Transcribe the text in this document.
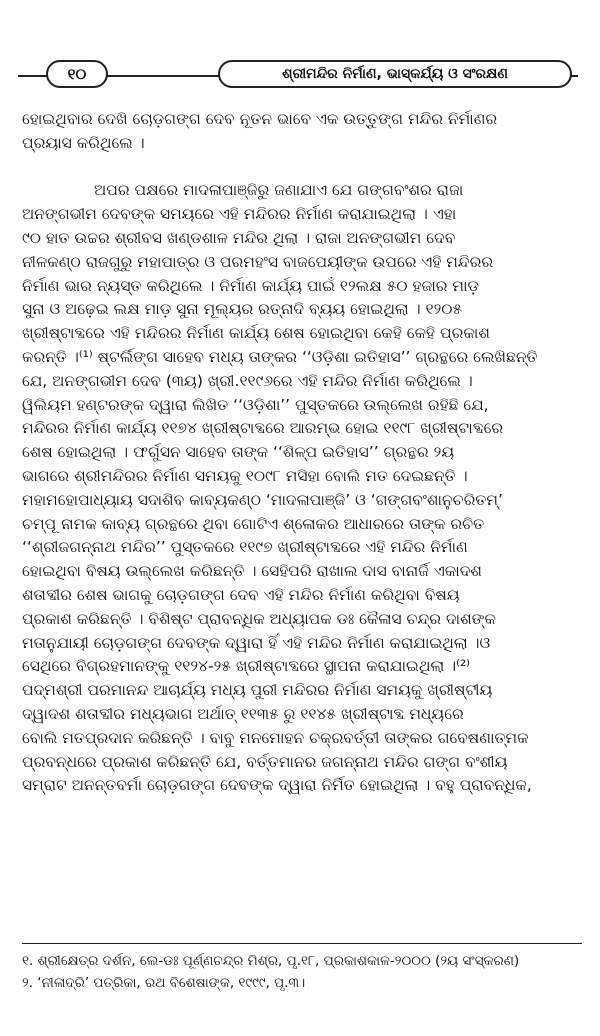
୧୦	ଶ୍ରୀମନ୍ଦିର ନିର୍ମାଣ, ଭାସ୍କର୍ଯ୍ୟ ଓ ସଂରକ୍ଷଣ
ହୋଇଥିବାର ଦେଖି ଚୋଡ଼ଗଙ୍ଗ ଦେବ ନୂତନ ଭାବେ ଏକ ଉତ୍ତୁଙ୍ଗ ମନ୍ଦିର ନିର୍ମାଣର
ପ୍ରୟାସ କରିଥିଲେ ।
ଅପର ପକ୍ଷରେ ମାଦଳାପାଞ୍ଜିରୁ ଜଣାଯାଏ ଯେ ଗଙ୍ଗବଂଶର ରାଜା
ଅନଙ୍ଗଭୀମ ଦେବଙ୍କ ସମୟରେ ଏହି ମନ୍ଦିରର ନିର୍ମାଣ କରାଯାଇଥିଲା । ଏହା
୯୦ ହାତ ଉଚ୍ଚର ଶ୍ରୀବସ ଖଣ୍ଡଶାଳ ମନ୍ଦିର ଥିଲା । ରାଜା ଅନଙ୍ଗଭୀମ ଦେବ
ନୀଳକଣ୍ଠ ରାଜଗୁରୁ ମହାପାତ୍ର ଓ ପରମହଂସ ବାଜପେୟୀଙ୍କ ଉପରେ ଏହି ମନ୍ଦିରର
ନିର୍ମାଣ ଭାର ନ୍ୟସ୍ତ କରିଥିଲେ । ନିର୍ମାଣ କାର୍ଯ୍ୟ ପାଇଁ ୧୨ଲକ୍ଷ ୫୦ ହଜାର ମାଡ଼
ସୁନା ଓ ଅଢ଼େଇ ଲକ୍ଷ ମାଡ଼ ସୁନା ମୂଲ୍ୟର ରତ୍ନାଦି ବ୍ୟୟ ହୋଇଥିଲା । ୧୨୦୫
ଖ୍ରୀଷ୍ଟାବ୍ଦରେ ଏହି ମନ୍ଦିରର ନିର୍ମାଣ କାର୍ଯ୍ୟ ଶେଷ ହୋଇଥିବା କେହି କେହି ପ୍ରକାଶ
କରନ୍ତି ।⁽¹⁾ ଷ୍ଟର୍ଲିଙ୍ଗ ସାହେବ ମଧ୍ୟ ତାଙ୍କର ‘‘ଓଡ଼ିଶା ଇତିହାସ’’ ଗ୍ରନ୍ଥରେ ଲେଖିଛନ୍ତି
ଯେ, ଅନଙ୍ଗଭୀମ ଦେବ (୩ୟ) ଖ୍ରୀ.୧୧୯୬ରେ ଏହି ମନ୍ଦିର ନିର୍ମାଣ କରିଥିଲେ ।
ୱିଲିୟମ ହଣ୍ଟରଙ୍କ ଦ୍ୱାରା ଲିଖିତ ‘‘ଓଡ଼ିଶା’’ ପୁସ୍ତକରେ ଉଲ୍ଲେଖ ରହିଛି ଯେ,
ମନ୍ଦିରର ନିର୍ମାଣ କାର୍ଯ୍ୟ ୧୧୭୪ ଖ୍ରୀଷ୍ଟାବ୍ଦରେ ଆରମ୍ଭ ହୋଇ ୧୧୯୮ ଖ୍ରୀଷ୍ଟାବ୍ଦରେ
ଶେଷ ହୋଇଥିଲା । ଫର୍ଗୁସନ ସାହେବ ତାଙ୍କ ‘‘ଶିଳ୍ପ ଇତିହାସ’’ ଗ୍ରନ୍ଥର ୨ୟ
ଭାଗରେ ଶ୍ରୀମନ୍ଦିରର ନିର୍ମାଣ ସମୟକୁ ୧୦୯୮ ମସିହା ବୋଲି ମତ ଦେଇଛନ୍ତି ।
ମହାମହୋପାଧ୍ୟାୟ ସଦାଶିବ କାବ୍ୟକଣ୍ଠ ‘ମାଦଳାପାଞ୍ଜି’ ଓ ‘ଗଙ୍ଗବଂଶାନୁଚରିତମ୍’
ଚମ୍ପୂ ନାମକ କାବ୍ୟ ଗ୍ରନ୍ଥରେ ଥିବା ଗୋଟିଏ ଶ୍ଳୋକର ଆଧାରରେ ତାଙ୍କ ରଚିତ
‘‘ଶ୍ରୀଜଗନ୍ନାଥ ମନ୍ଦିର’’ ପୁସ୍ତକରେ ୧୧୯୭ ଖ୍ରୀଷ୍ଟାବ୍ଦରେ ଏହି ମନ୍ଦିର ନିର୍ମାଣ
ହୋଇଥିବା ବିଷୟ ଉଲ୍ଲେଖ କରିଛନ୍ତି । ସେହିପରି ରାଖାଲ ଦାସ ବାନାର୍ଜି ଏକାଦଶ
ଶତାବ୍ଦୀର ଶେଷ ଭାଗକୁ ଚୋଡ଼ଗଙ୍ଗ ଦେବ ଏହି ମନ୍ଦିର ନିର୍ମାଣ କରିଥିବା ବିଷୟ
ପ୍ରକାଶ କରିଛନ୍ତି । ବିଶିଷ୍ଟ ପ୍ରାବନ୍ଧିକ ଅଧ୍ୟାପକ ଡଃ କୈଳାସ ଚନ୍ଦ୍ର ଦାଶଙ୍କ
ମତାନୁଯାୟୀ ଚୋଡ଼ଗଙ୍ଗ ଦେବଙ୍କ ଦ୍ୱାରା ହିଁ ଏହି ମନ୍ଦିର ନିର୍ମାଣ କରାଯାଇଥିଲା ।ଓ
ସେଥିରେ ବିଗ୍ରହମାନଙ୍କୁ ୧୧୨୪-୨୫ ଖ୍ରୀଷ୍ଟାବ୍ଦରେ ସ୍ଥାପନା କରାଯାଇଥିଲା ।⁽²⁾
ପଦ୍ମଶ୍ରୀ ପରମାନନ୍ଦ ଆଚାର୍ଯ୍ୟ ମଧ୍ୟ ପୁରୀ ମନ୍ଦିରର ନିର୍ମାଣ ସମୟକୁ ଖ୍ରୀଷ୍ଟୀୟ
ଦ୍ୱାଦଶ ଶତାବ୍ଦୀର ମଧ୍ୟଭାଗ ଅର୍ଥାତ୍ ୧୧୩୫ ରୁ ୧୧୪୫ ଖ୍ରୀଷ୍ଟାବ୍ଦ ମଧ୍ୟରେ
ବୋଲି ମତପ୍ରଦାନ କରିଛନ୍ତି । ବାବୁ ମନମୋହନ ଚକ୍ରବର୍ତ୍ତୀ ତାଙ୍କର ଗବେଷଣାତ୍ମକ
ପ୍ରବନ୍ଧରେ ପ୍ରକାଶ କରିଛନ୍ତି ଯେ, ବର୍ତ୍ତମାନର ଜଗନ୍ନାଥ ମନ୍ଦିର ଗଙ୍ଗ ବଂଶୀୟ
ସମ୍ରାଟ ଅନନ୍ତବର୍ମା ଚୋଡ଼ଗଙ୍ଗ ଦେବଙ୍କ ଦ୍ୱାରା ନିର୍ମିତ ହୋଇଥିଲା । ବହୁ ପ୍ରାବନ୍ଧିକ,
୧. ଶ୍ରୀକ୍ଷେତ୍ର ଦର୍ଶନ, ଲେ-ଡଃ ପୂର୍ଣ୍ଣଚନ୍ଦ୍ର ମିଶ୍ର, ପୃ.୧୮, ପ୍ରକାଶକାଳ-୨୦୦୦ (୨ୟ ସଂସ୍କରଣ)
୨. ‘ନୀଳାଦ୍ରି’ ପତ୍ରିକା, ରଥ ବିଶେଷାଙ୍କ, ୧୯୯୯, ପୃ.୩।
